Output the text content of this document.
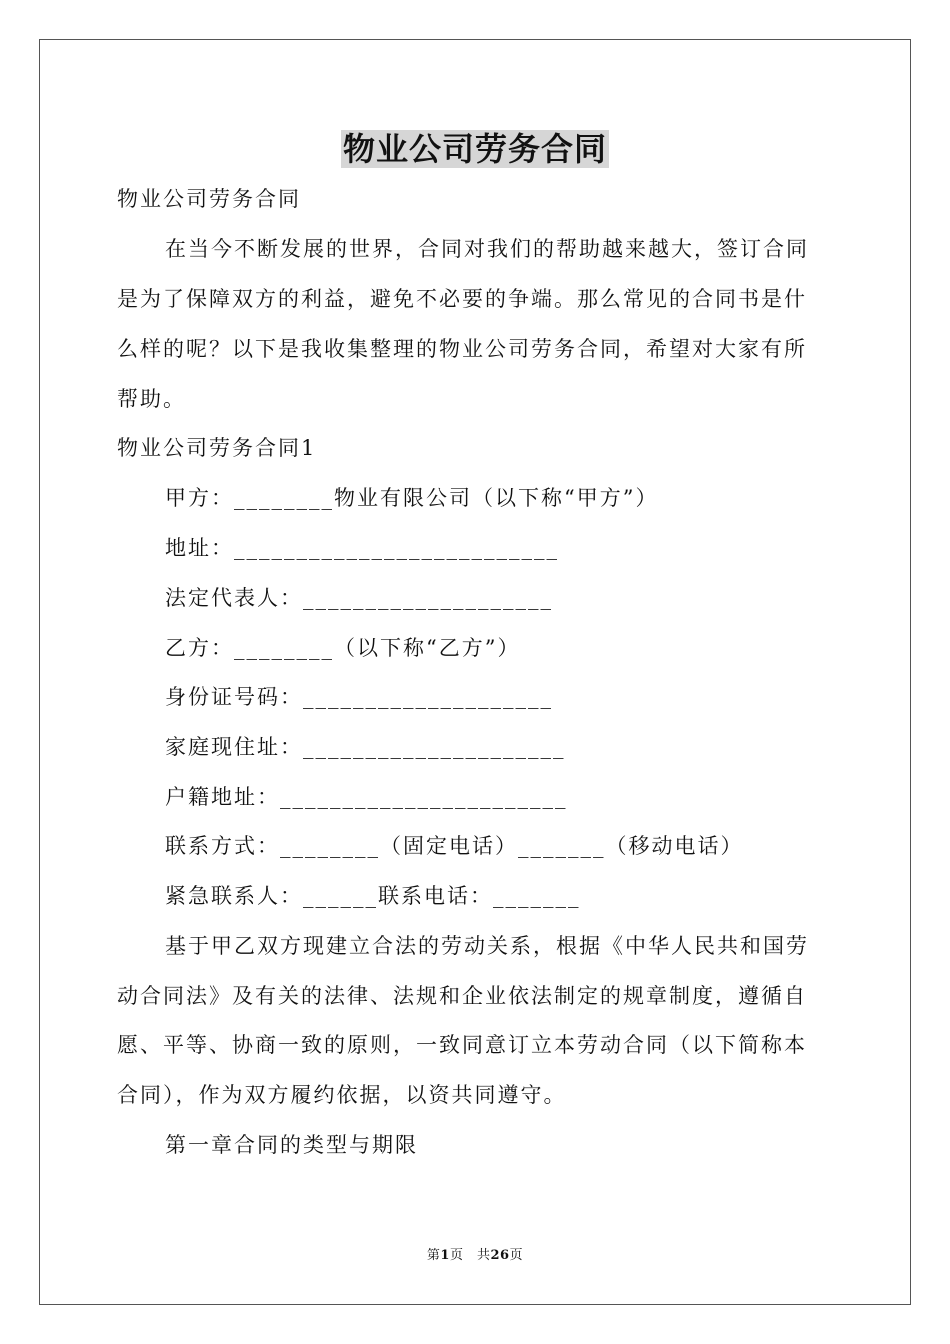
物业公司劳务合同
物业公司劳务合同
在当今不断发展的世界，合同对我们的帮助越来越大，签订合同
是为了保障双方的利益，避免不必要的争端。那么常见的合同书是什
么样的呢？以下是我收集整理的物业公司劳务合同，希望对大家有所
帮助。
物业公司劳务合同1
甲方：________物业有限公司（以下称“甲方”）
地址：__________________________
法定代表人：____________________
乙方：________（以下称“乙方”）
身份证号码：____________________
家庭现住址：_____________________
户籍地址：_______________________
联系方式：________（固定电话）_______（移动电话）
紧急联系人：______联系电话：_______
基于甲乙双方现建立合法的劳动关系，根据《中华人民共和国劳
动合同法》及有关的法律、法规和企业依法制定的规章制度，遵循自
愿、平等、协商一致的原则，一致同意订立本劳动合同（以下简称本
合同），作为双方履约依据，以资共同遵守。
第一章合同的类型与期限
第1页　共26页
